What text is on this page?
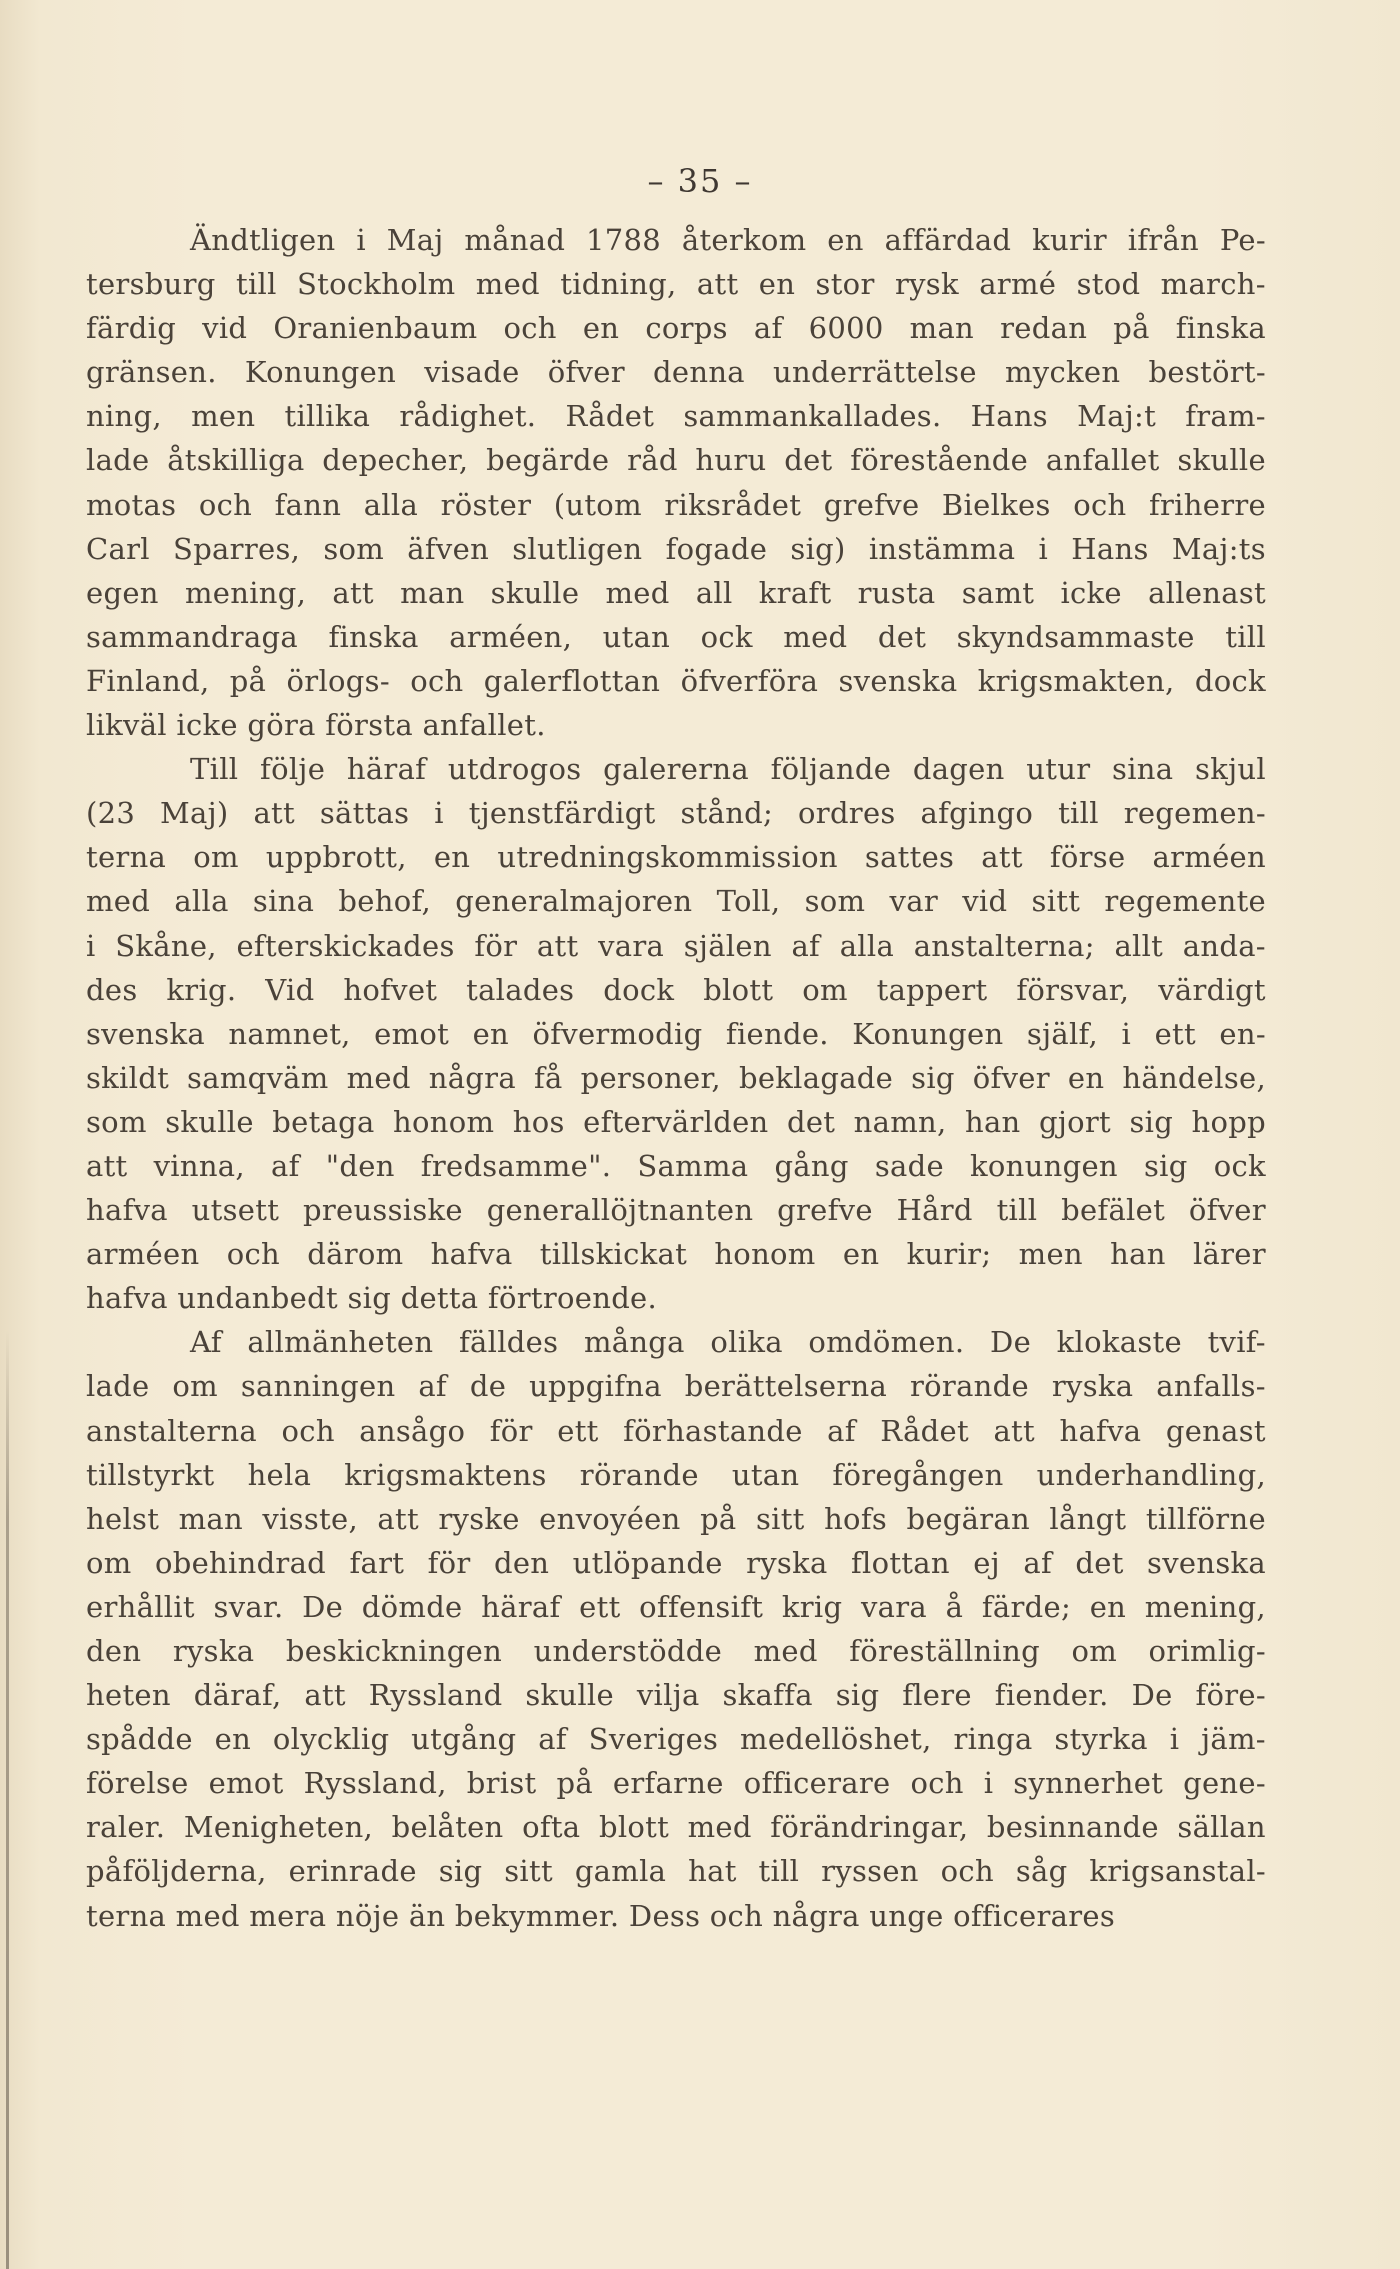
– 35 –
Ändtligen i Maj månad 1788 återkom en affärdad kurir ifrån Pe-
tersburg till Stockholm med tidning, att en stor rysk armé stod march-
färdig vid Oranienbaum och en corps af 6000 man redan på finska
gränsen. Konungen visade öfver denna underrättelse mycken bestört-
ning, men tillika rådighet. Rådet sammankallades. Hans Maj:t fram-
lade åtskilliga depecher, begärde råd huru det förestående anfallet skulle
motas och fann alla röster (utom riksrådet grefve Bielkes och friherre
Carl Sparres, som äfven slutligen fogade sig) instämma i Hans Maj:ts
egen mening, att man skulle med all kraft rusta samt icke allenast
sammandraga finska arméen, utan ock med det skyndsammaste till
Finland, på örlogs- och galerflottan öfverföra svenska krigsmakten, dock
likväl icke göra första anfallet.
Till följe häraf utdrogos galererna följande dagen utur sina skjul
(23 Maj) att sättas i tjenstfärdigt stånd; ordres afgingo till regemen-
terna om uppbrott, en utredningskommission sattes att förse arméen
med alla sina behof, generalmajoren Toll, som var vid sitt regemente
i Skåne, efterskickades för att vara själen af alla anstalterna; allt anda-
des krig. Vid hofvet talades dock blott om tappert försvar, värdigt
svenska namnet, emot en öfvermodig fiende. Konungen själf, i ett en-
skildt samqväm med några få personer, beklagade sig öfver en händelse,
som skulle betaga honom hos eftervärlden det namn, han gjort sig hopp
att vinna, af "den fredsamme". Samma gång sade konungen sig ock
hafva utsett preussiske generallöjtnanten grefve Hård till befälet öfver
arméen och därom hafva tillskickat honom en kurir; men han lärer
hafva undanbedt sig detta förtroende.
Af allmänheten fälldes många olika omdömen. De klokaste tvif-
lade om sanningen af de uppgifna berättelserna rörande ryska anfalls-
anstalterna och ansågo för ett förhastande af Rådet att hafva genast
tillstyrkt hela krigsmaktens rörande utan föregången underhandling,
helst man visste, att ryske envoyéen på sitt hofs begäran långt tillförne
om obehindrad fart för den utlöpande ryska flottan ej af det svenska
erhållit svar. De dömde häraf ett offensift krig vara å färde; en mening,
den ryska beskickningen understödde med föreställning om orimlig-
heten däraf, att Ryssland skulle vilja skaffa sig flere fiender. De före-
spådde en olycklig utgång af Sveriges medellöshet, ringa styrka i jäm-
förelse emot Ryssland, brist på erfarne officerare och i synnerhet gene-
raler. Menigheten, belåten ofta blott med förändringar, besinnande sällan
påföljderna, erinrade sig sitt gamla hat till ryssen och såg krigsanstal-
terna med mera nöje än bekymmer. Dess och några unge officerares
